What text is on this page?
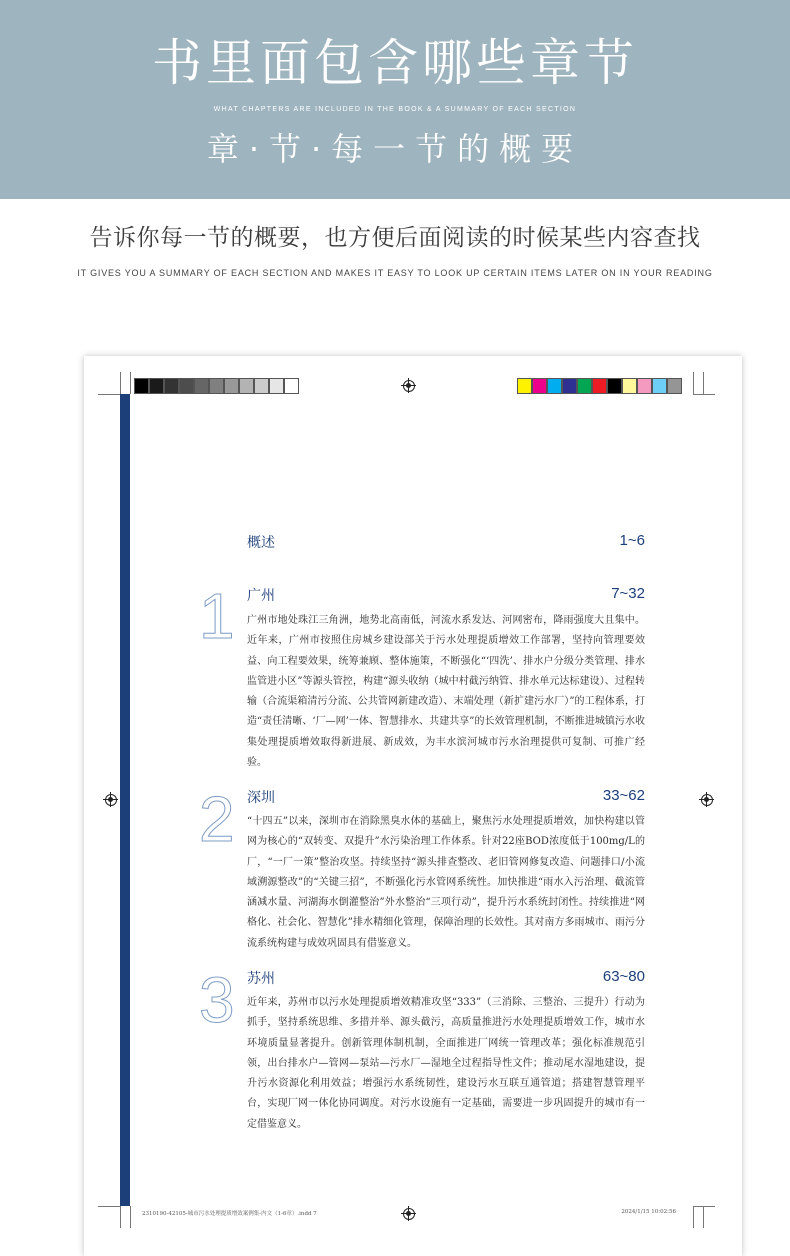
书里面包含哪些章节
WHAT CHAPTERS ARE INCLUDED IN THE BOOK & A SUMMARY OF EACH SECTION
章·节·每一节的概要
告诉你每一节的概要，也方便后面阅读的时候某些内容查找
IT GIVES YOU A SUMMARY OF EACH SECTION AND MAKES IT EASY TO LOOK UP CERTAIN ITEMS LATER ON IN YOUR READING
概述	1~6
1 广州	7~32
广州市地处珠江三角洲，地势北高南低，河流水系发达、河网密布，降雨强度大且集中。近年来，广州市按照住房城乡建设部关于污水处理提质增效工作部署，坚持向管理要效益、向工程要效果，统筹兼顾、整体施策，不断强化“‘四洗’、排水户分级分类管理、排水监管进小区”等源头管控，构建“源头收纳（城中村截污纳管、排水单元达标建设）、过程转输（合流渠箱清污分流、公共管网新建改造）、末端处理（新扩建污水厂）”的工程体系，打造“责任清晰、‘厂—网’一体、智慧排水、共建共享”的长效管理机制，不断推进城镇污水收集处理提质增效取得新进展、新成效，为丰水滨河城市污水治理提供可复制、可推广经验。
2 深圳	33~62
“十四五”以来，深圳市在消除黑臭水体的基础上，聚焦污水处理提质增效，加快构建以管网为核心的“双转变、双提升”水污染治理工作体系。针对22座BOD浓度低于100mg/L的厂，“一厂一策”整治攻坚。持续坚持“源头排查整改、老旧管网修复改造、问题排口/小流域溯源整改”的“关键三招”，不断强化污水管网系统性。加快推进“雨水入污治理、截流管涵减水量、河湖海水倒灌整治”外水整治“三项行动”，提升污水系统封闭性。持续推进“网格化、社会化、智慧化”排水精细化管理，保障治理的长效性。其对南方多雨城市、雨污分流系统构建与成效巩固具有借鉴意义。
3 苏州	63~80
近年来，苏州市以污水处理提质增效精准攻坚“333”（三消除、三整治、三提升）行动为抓手，坚持系统思维、多措并举、源头截污，高质量推进污水处理提质增效工作，城市水环境质量显著提升。创新管理体制机制，全面推进厂网统一管理改革；强化标准规范引领，出台排水户—管网—泵站—污水厂—湿地全过程指导性文件；推动尾水湿地建设，提升污水资源化利用效益；增强污水系统韧性，建设污水互联互通管道；搭建智慧管理平台，实现厂网一体化协同调度。对污水设施有一定基础，需要进一步巩固提升的城市有一定借鉴意义。
2310190-42105-城市污水处理提质增效案例集-内文（1-6章）.indd 7	2024/1/15 10:02:56
